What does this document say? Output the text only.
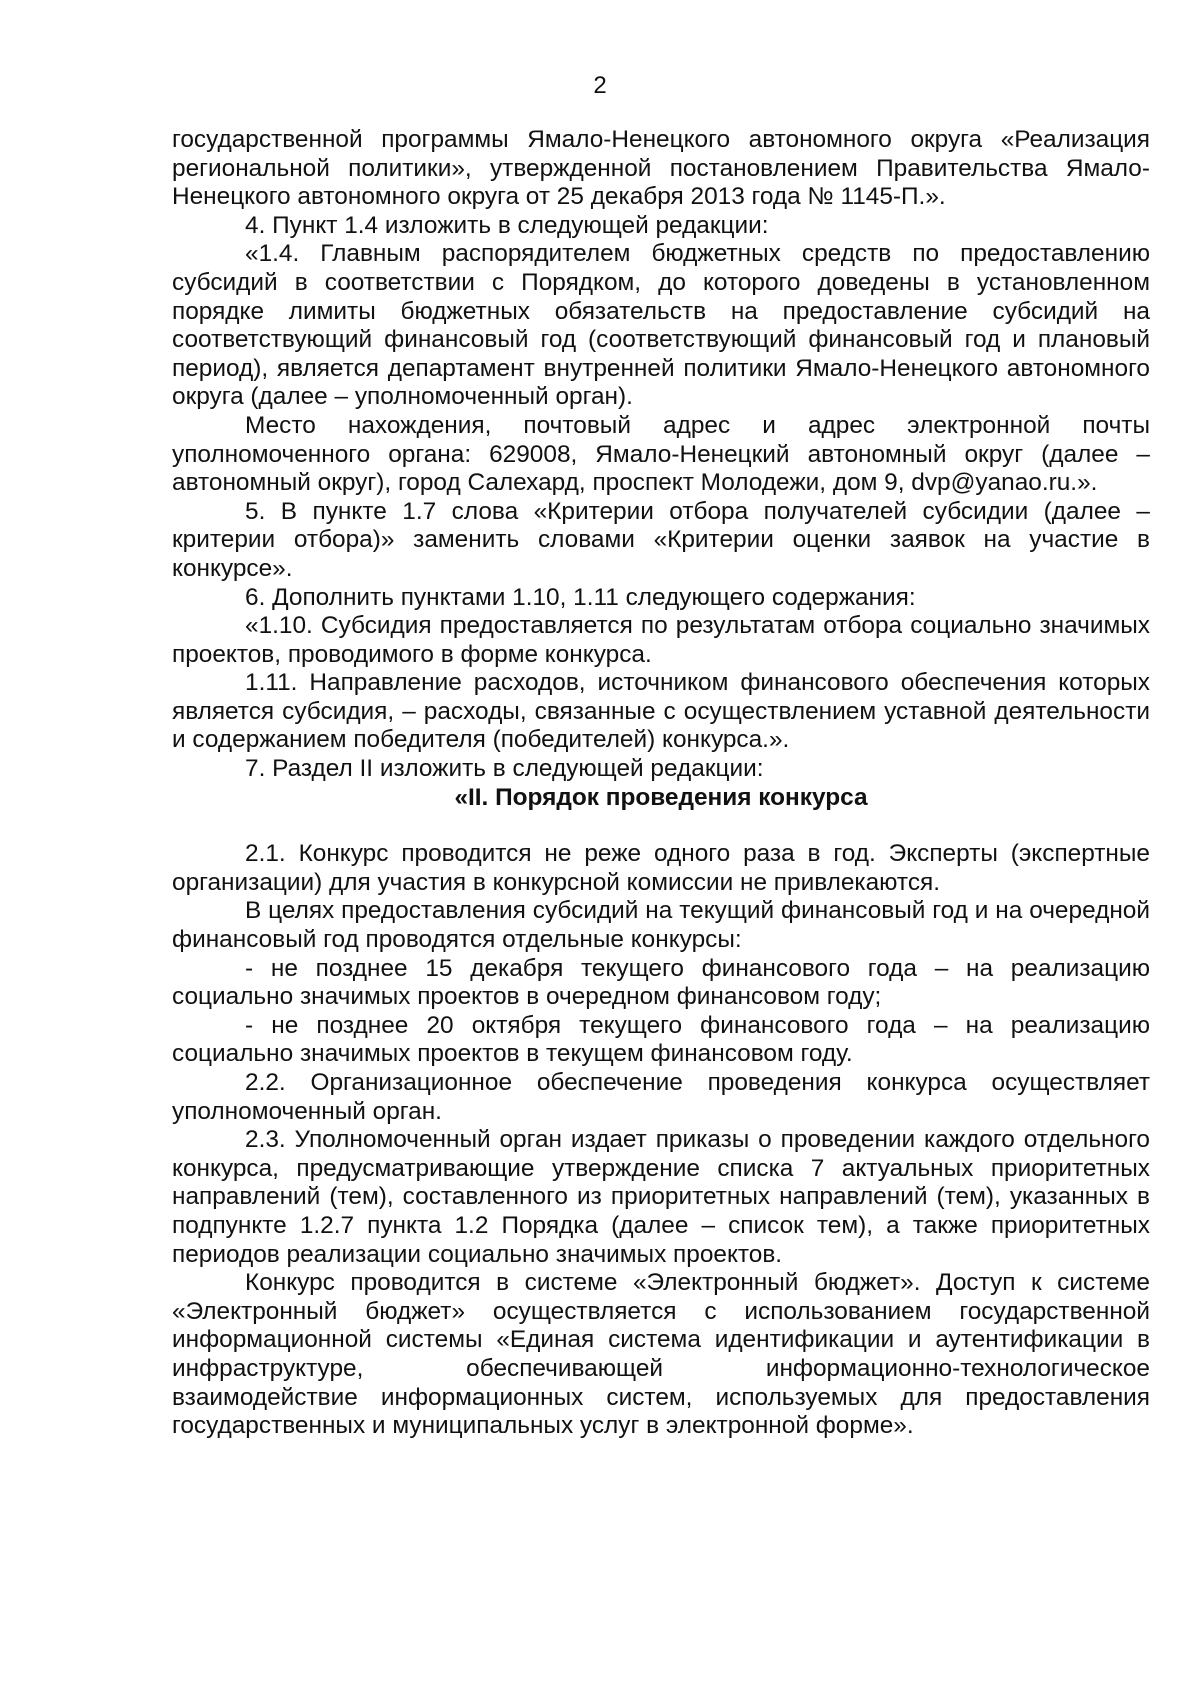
2

государственной программы Ямало-Ненецкого автономного округа «Реализация региональной политики», утвержденной постановлением Правительства Ямало-Ненецкого автономного округа от 25 декабря 2013 года № 1145-П.».

4. Пункт 1.4 изложить в следующей редакции:

«1.4. Главным распорядителем бюджетных средств по предоставлению субсидий в соответствии с Порядком, до которого доведены в установленном порядке лимиты бюджетных обязательств на предоставление субсидий на соответствующий финансовый год (соответствующий финансовый год и плановый период), является департамент внутренней политики Ямало-Ненецкого автономного округа (далее – уполномоченный орган).

Место нахождения, почтовый адрес и адрес электронной почты уполномоченного органа: 629008, Ямало-Ненецкий автономный округ (далее – автономный округ), город Салехард, проспект Молодежи, дом 9, dvp@yanao.ru.».

5. В пункте 1.7 слова «Критерии отбора получателей субсидии (далее – критерии отбора)» заменить словами «Критерии оценки заявок на участие в конкурсе».

6. Дополнить пунктами 1.10, 1.11 следующего содержания:

«1.10. Субсидия предоставляется по результатам отбора социально значимых проектов, проводимого в форме конкурса.

1.11. Направление расходов, источником финансового обеспечения которых является субсидия, – расходы, связанные с осуществлением уставной деятельности и содержанием победителя (победителей) конкурса.».

7. Раздел II изложить в следующей редакции:

«II. Порядок проведения конкурса

2.1. Конкурс проводится не реже одного раза в год. Эксперты (экспертные организации) для участия в конкурсной комиссии не привлекаются.

В целях предоставления субсидий на текущий финансовый год и на очередной финансовый год проводятся отдельные конкурсы:

- не позднее 15 декабря текущего финансового года – на реализацию социально значимых проектов в очередном финансовом году;

- не позднее 20 октября текущего финансового года – на реализацию социально значимых проектов в текущем финансовом году.

2.2. Организационное обеспечение проведения конкурса осуществляет уполномоченный орган.

2.3. Уполномоченный орган издает приказы о проведении каждого отдельного конкурса, предусматривающие утверждение списка 7 актуальных приоритетных направлений (тем), составленного из приоритетных направлений (тем), указанных в подпункте 1.2.7 пункта 1.2 Порядка (далее – список тем), а также приоритетных периодов реализации социально значимых проектов.

Конкурс проводится в системе «Электронный бюджет». Доступ к системе «Электронный бюджет» осуществляется с использованием государственной информационной системы «Единая система идентификации и аутентификации в инфраструктуре, обеспечивающей информационно-технологическое взаимодействие информационных систем, используемых для предоставления государственных и муниципальных услуг в электронной форме».
